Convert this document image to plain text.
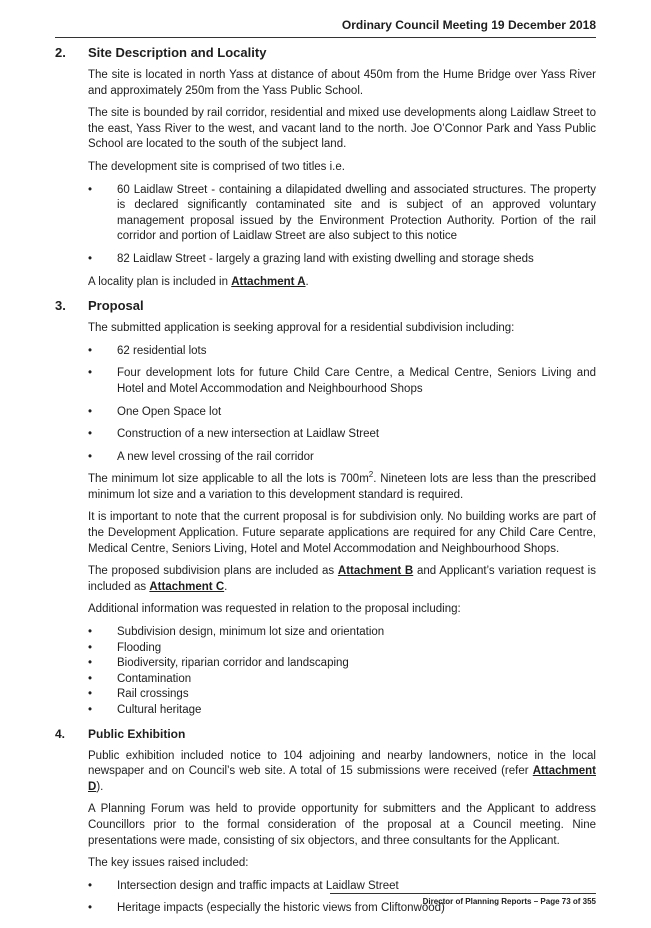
Ordinary Council Meeting 19 December 2018
2.	Site Description and Locality
The site is located in north Yass at distance of about 450m from the Hume Bridge over Yass River and approximately 250m from the Yass Public School.
The site is bounded by rail corridor, residential and mixed use developments along Laidlaw Street to the east, Yass River to the west, and vacant land to the north. Joe O’Connor Park and Yass Public School are located to the south of the subject land.
The development site is comprised of two titles i.e.
• 60 Laidlaw Street - containing a dilapidated dwelling and associated structures. The property is declared significantly contaminated site and is subject of an approved voluntary management proposal issued by the Environment Protection Authority. Portion of the rail corridor and portion of Laidlaw Street are also subject to this notice
• 82 Laidlaw Street - largely a grazing land with existing dwelling and storage sheds
A locality plan is included in Attachment A.
3.	Proposal
The submitted application is seeking approval for a residential subdivision including:
• 62 residential lots
• Four development lots for future Child Care Centre, a Medical Centre, Seniors Living and Hotel and Motel Accommodation and Neighbourhood Shops
• One Open Space lot
• Construction of a new intersection at Laidlaw Street
• A new level crossing of the rail corridor
The minimum lot size applicable to all the lots is $700m^2$. Nineteen lots are less than the prescribed minimum lot size and a variation to this development standard is required.
It is important to note that the current proposal is for subdivision only. No building works are part of the Development Application. Future separate applications are required for any Child Care Centre, Medical Centre, Seniors Living, Hotel and Motel Accommodation and Neighbourhood Shops.
The proposed subdivision plans are included as Attachment B and Applicant’s variation request is included as Attachment C.
Additional information was requested in relation to the proposal including:
• Subdivision design, minimum lot size and orientation
• Flooding
• Biodiversity, riparian corridor and landscaping
• Contamination
• Rail crossings
• Cultural heritage
4.	Public Exhibition
Public exhibition included notice to 104 adjoining and nearby landowners, notice in the local newspaper and on Council’s web site. A total of 15 submissions were received (refer Attachment D).
A Planning Forum was held to provide opportunity for submitters and the Applicant to address Councillors prior to the formal consideration of the proposal at a Council meeting. Nine presentations were made, consisting of six objectors, and three consultants for the Applicant.
The key issues raised included:
• Intersection design and traffic impacts at Laidlaw Street
• Heritage impacts (especially the historic views from Cliftonwood)
Director of Planning Reports – Page 73 of 355
